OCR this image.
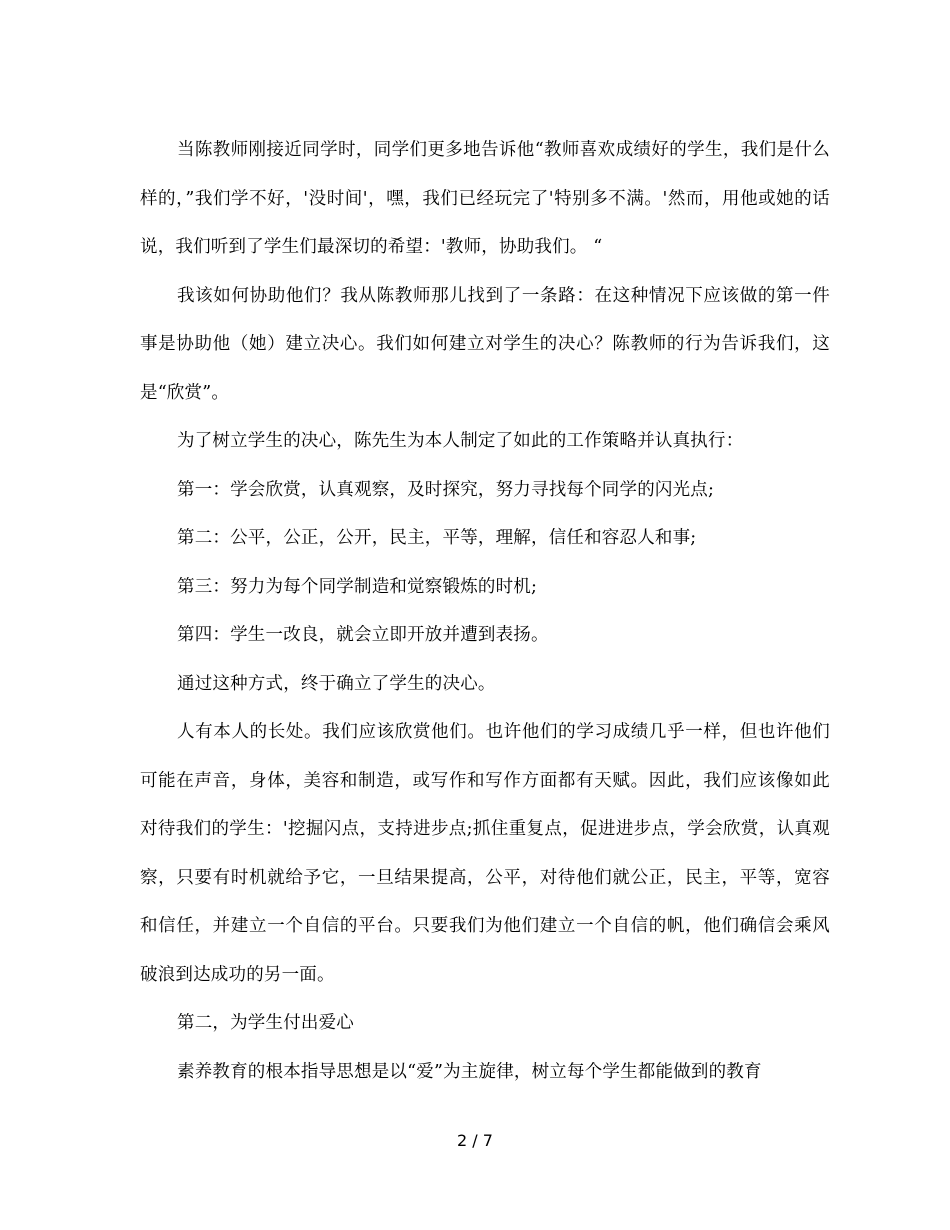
当陈教师刚接近同学时，同学们更多地告诉他“教师喜欢成绩好的学生，我们是什么样的，”我们学不好，'没时间'，嘿，我们已经玩完了'特别多不满。'然而，用他或她的话说，我们听到了学生们最深切的希望：'教师，协助我们。 “

我该如何协助他们？我从陈教师那儿找到了一条路：在这种情况下应该做的第一件事是协助他（她）建立决心。我们如何建立对学生的决心？陈教师的行为告诉我们，这是“欣赏”。

为了树立学生的决心，陈先生为本人制定了如此的工作策略并认真执行：

第一：学会欣赏，认真观察，及时探究，努力寻找每个同学的闪光点;

第二：公平，公正，公开，民主，平等，理解，信任和容忍人和事;

第三：努力为每个同学制造和觉察锻炼的时机;

第四：学生一改良，就会立即开放并遭到表扬。

通过这种方式，终于确立了学生的决心。

人有本人的长处。我们应该欣赏他们。也许他们的学习成绩几乎一样，但也许他们可能在声音，身体，美容和制造，或写作和写作方面都有天赋。因此，我们应该像如此对待我们的学生：'挖掘闪点，支持进步点;抓住重复点，促进进步点，学会欣赏，认真观察，只要有时机就给予它，一旦结果提高，公平，对待他们就公正，民主，平等，宽容和信任，并建立一个自信的平台。只要我们为他们建立一个自信的帆，他们确信会乘风破浪到达成功的另一面。

第二，为学生付出爱心

素养教育的根本指导思想是以“爱”为主旋律，树立每个学生都能做到的教育

2 / 7
